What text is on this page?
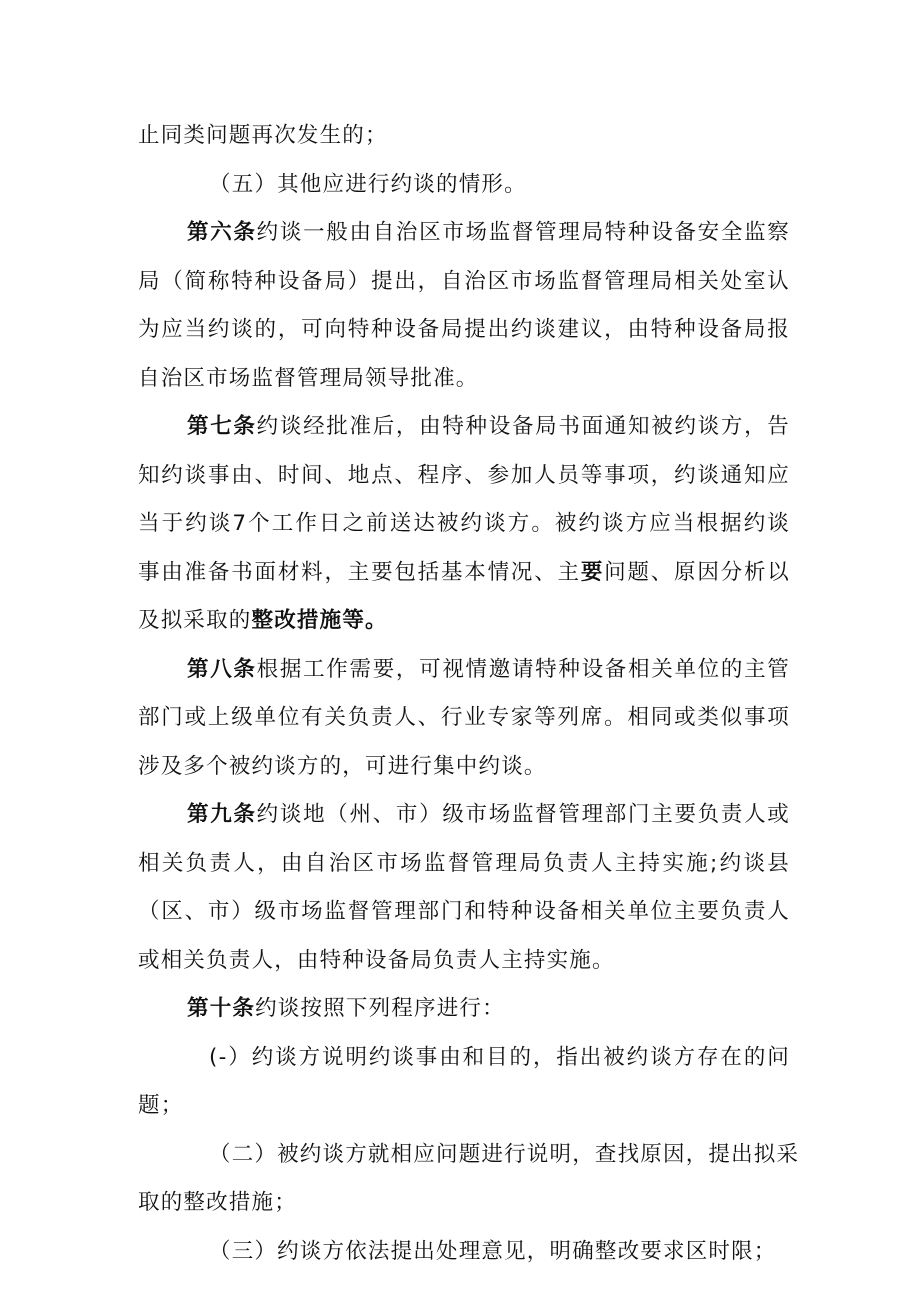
止同类问题再次发生的；
（五）其他应进行约谈的情形。
第六条约谈一般由自治区市场监督管理局特种设备安全监察
局（简称特种设备局）提出，自治区市场监督管理局相关处室认
为应当约谈的，可向特种设备局提出约谈建议，由特种设备局报
自治区市场监督管理局领导批准。
第七条约谈经批准后，由特种设备局书面通知被约谈方，告
知约谈事由、时间、地点、程序、参加人员等事项，约谈通知应
当于约谈7个工作日之前送达被约谈方。被约谈方应当根据约谈
事由准备书面材料，主要包括基本情况、主要问题、原因分析以
及拟采取的整改措施等。
第八条根据工作需要，可视情邀请特种设备相关单位的主管
部门或上级单位有关负责人、行业专家等列席。相同或类似事项
涉及多个被约谈方的，可进行集中约谈。
第九条约谈地（州、市）级市场监督管理部门主要负责人或
相关负责人，由自治区市场监督管理局负责人主持实施;约谈县
（区、市）级市场监督管理部门和特种设备相关单位主要负责人
或相关负责人，由特种设备局负责人主持实施。
第十条约谈按照下列程序进行：
(-）约谈方说明约谈事由和目的，指出被约谈方存在的问
题；
（二）被约谈方就相应问题进行说明，查找原因，提出拟采
取的整改措施；
（三）约谈方依法提出处理意见，明确整改要求区时限；
